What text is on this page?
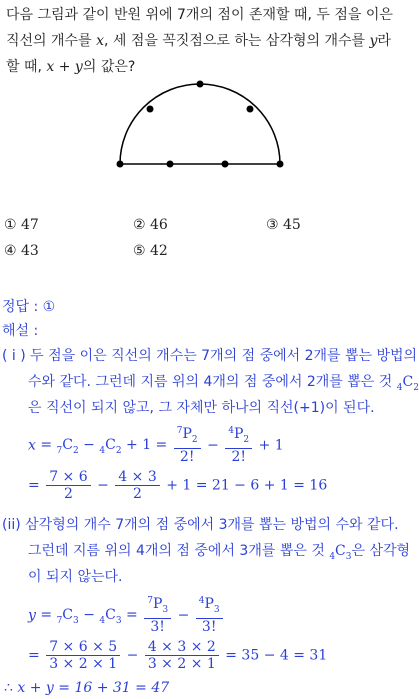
다음 그림과 같이 반원 위에 7개의 점이 존재할 때, 두 점을 이은
직선의 개수를 x, 세 점을 꼭짓점으로 하는 삼각형의 개수를 y라
할 때, x + y의 값은?
① 47	② 46	③ 45
④ 43	⑤ 42
정답 : ①
해설 :
( i ) 두 점을 이은 직선의 개수는 7개의 점 중에서 2개를 뽑는 방법의
수와 같다. 그런데 지름 위의 4개의 점 중에서 2개를 뽑은 것 $_4C_2$
은 직선이 되지 않고, 그 자체만 하나의 직선(+1)이 된다.
$x = _7C_2 - _4C_2 + 1 = \frac{^7P_2}{2!} - \frac{^4P_2}{2!} + 1$
= $\frac{7 \times 6}{2} - \frac{4 \times 3}{2} + 1 = 21 - 6 + 1 = 16$
(ii) 삼각형의 개수 7개의 점 중에서 3개를 뽑는 방법의 수와 같다.
그런데 지름 위의 4개의 점 중에서 3개를 뽑은 것 $_4C_3$은 삼각형
이 되지 않는다.
$y = _7C_3 - _4C_3 = \frac{^7P_3}{3!} - \frac{^4P_3}{3!}$
= $\frac{7 \times 6 \times 5}{3 \times 2 \times 1} - \frac{4 \times 3 \times 2}{3 \times 2 \times 1} = 35 - 4 = 31$
∴ x + y = 16 + 31 = 47
